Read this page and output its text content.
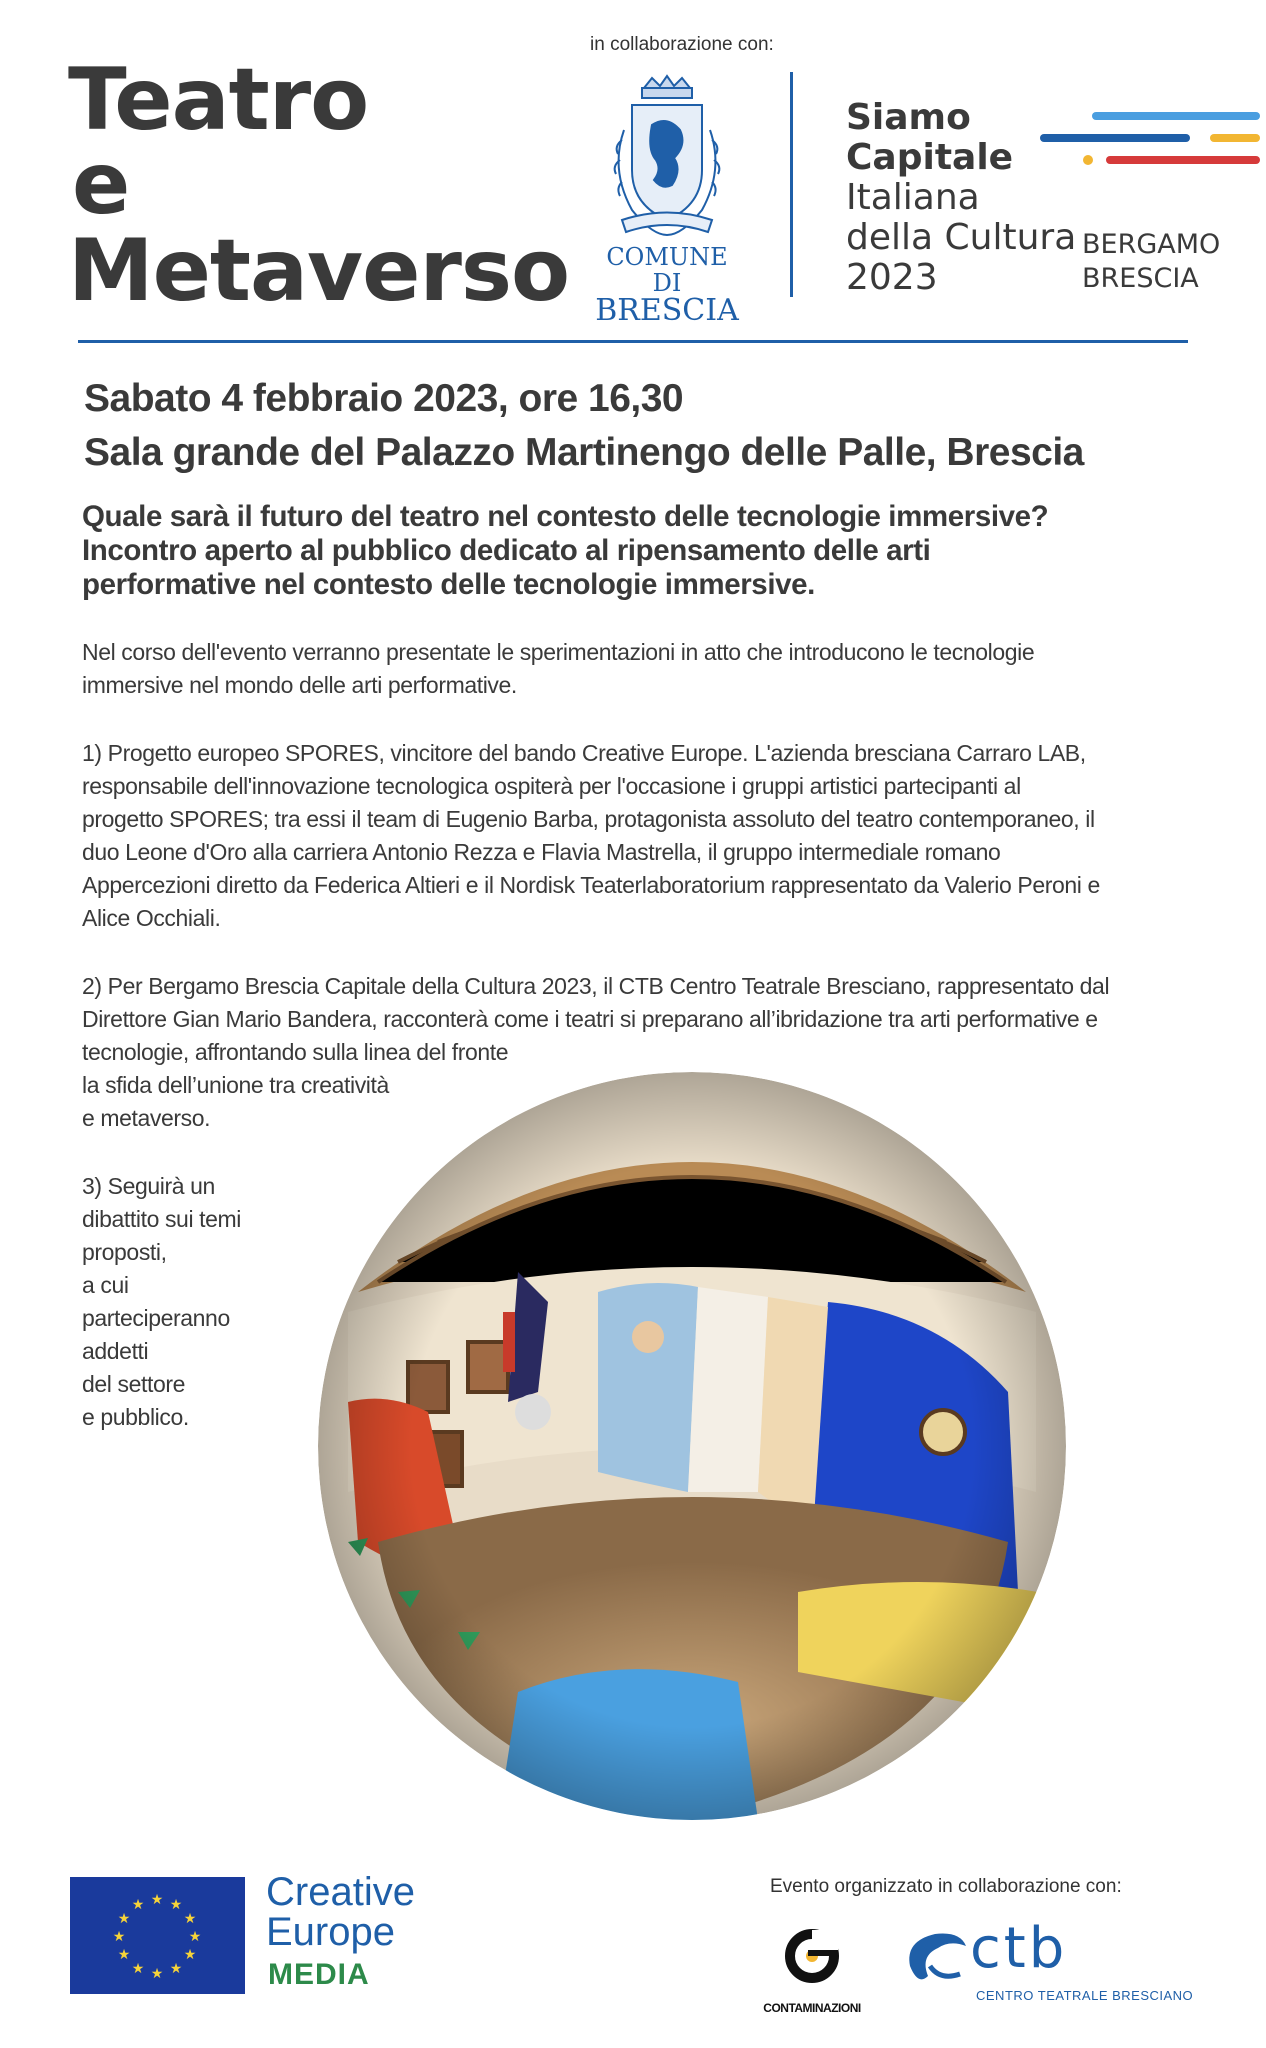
Teatro
e
Metaverso
in collaborazione con:
COMUNE DI
BRESCIA
Siamo
Capitale
Italiana
della Cultura
2023
BERGAMO
BRESCIA
Sabato 4 febbraio 2023, ore 16,30
Sala grande del Palazzo Martinengo delle Palle, Brescia
Quale sarà il futuro del teatro nel contesto delle tecnologie immersive?
Incontro aperto al pubblico dedicato al ripensamento delle arti
performative nel contesto delle tecnologie immersive.
Nel corso dell'evento verranno presentate le sperimentazioni in atto che introducono le tecnologie
immersive nel mondo delle arti performative.
1) Progetto europeo SPORES, vincitore del bando Creative Europe. L'azienda bresciana Carraro LAB,
responsabile dell'innovazione tecnologica ospiterà per l'occasione i gruppi artistici partecipanti al
progetto SPORES; tra essi il team di Eugenio Barba, protagonista assoluto del teatro contemporaneo, il
duo Leone d'Oro alla carriera Antonio Rezza e Flavia Mastrella, il gruppo intermediale romano
Appercezioni diretto da Federica Altieri e il Nordisk Teaterlaboratorium rappresentato da Valerio Peroni e
Alice Occhiali.
2) Per Bergamo Brescia Capitale della Cultura 2023, il CTB Centro Teatrale Bresciano, rappresentato dal
Direttore Gian Mario Bandera, racconterà come i teatri si preparano all’ibridazione tra arti performative e
tecnologie, affrontando sulla linea del fronte
la sfida dell’unione tra creatività
e metaverso.
3) Seguirà un
dibattito sui temi
proposti,
a cui
parteciperanno
addetti
del settore
e pubblico.
★ ★
★
★
★
★
★
★
★
★
★
★	Creative
Europe
MEDIA
Evento organizzato in collaborazione con:
CONTAMINAZIONI
ctb
CENTRO TEATRALE BRESCIANO
